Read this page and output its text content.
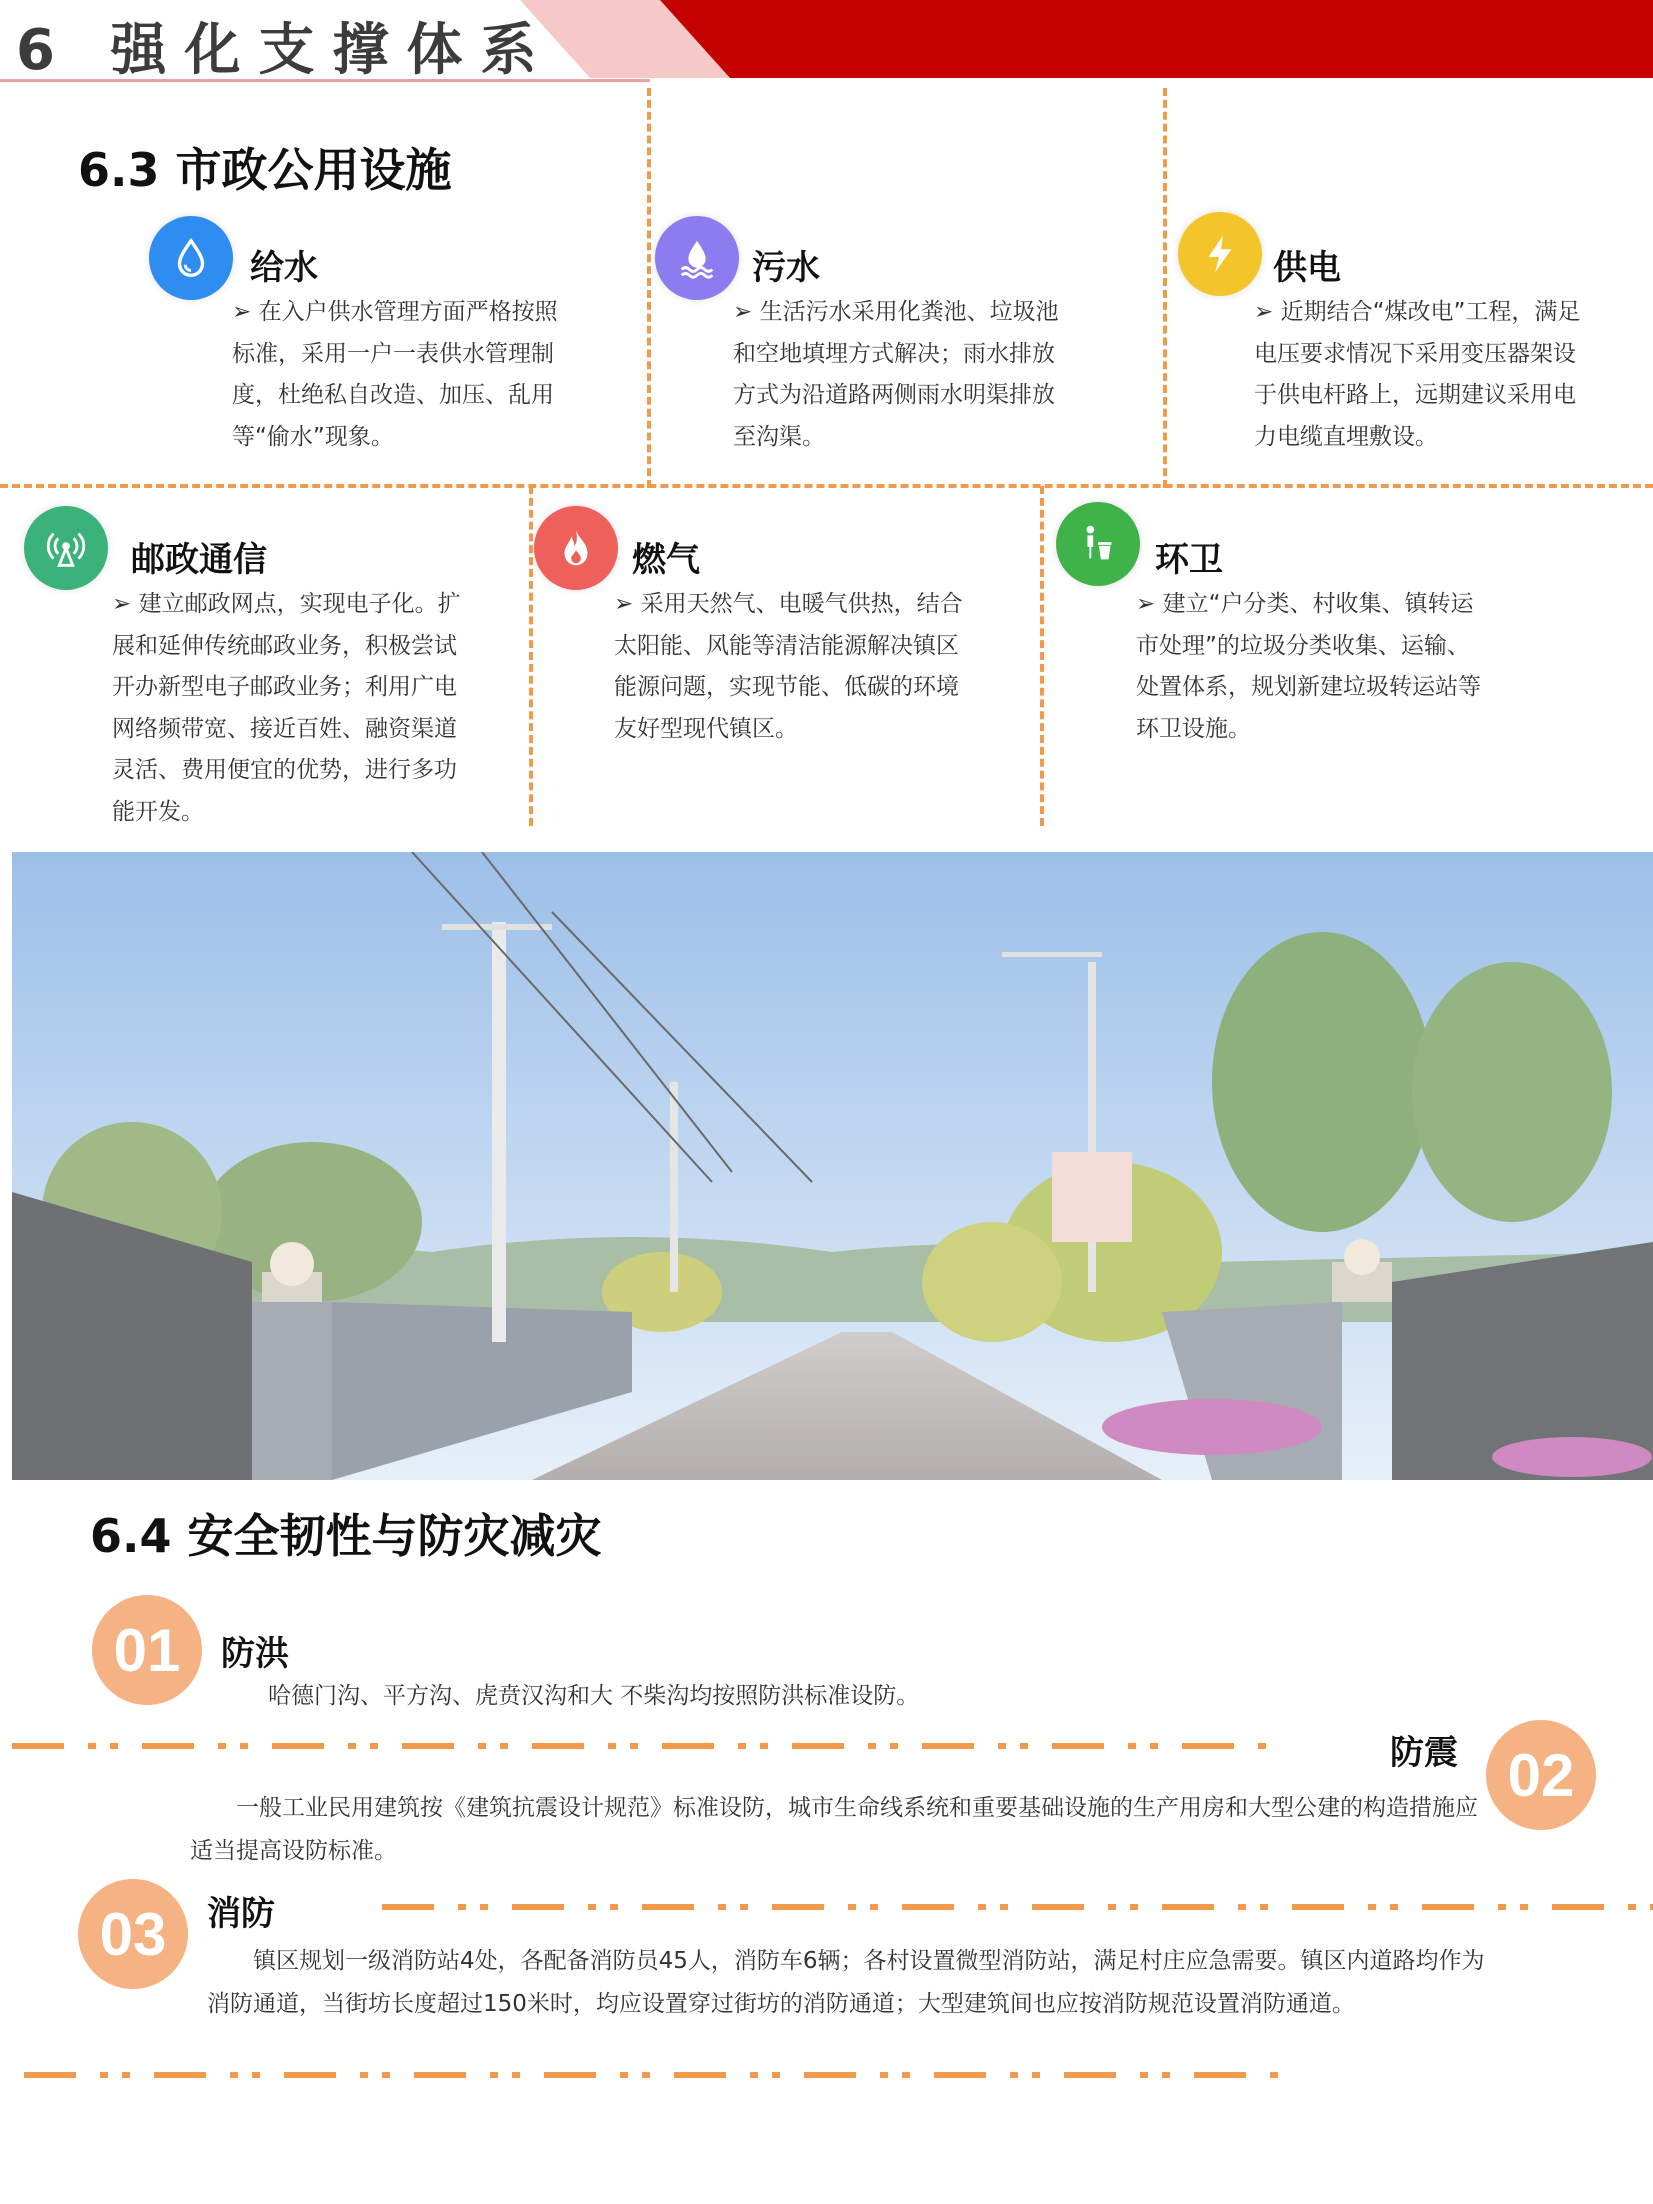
6 强化支撑体系
6.3 市政公用设施
给水
➢ 在入户供水管理方面严格按照标准，采用一户一表供水管理制度，杜绝私自改造、加压、乱用等“偷水”现象。
污水
➢ 生活污水采用化粪池、垃圾池和空地填埋方式解决；雨水排放方式为沿道路两侧雨水明渠排放至沟渠。
供电
➢ 近期结合“煤改电”工程，满足电压要求情况下采用变压器架设于供电杆路上，远期建议采用电力电缆直埋敷设。
邮政通信
➢ 建立邮政网点，实现电子化。扩展和延伸传统邮政业务，积极尝试开办新型电子邮政业务；利用广电网络频带宽、接近百姓、融资渠道灵活、费用便宜的优势，进行多功能开发。
燃气
➢ 采用天然气、电暖气供热，结合太阳能、风能等清洁能源解决镇区能源问题，实现节能、低碳的环境友好型现代镇区。
环卫
➢ 建立“户分类、村收集、镇转运市处理”的垃圾分类收集、运输、处置体系，规划新建垃圾转运站等环卫设施。
6.4 安全韧性与防灾减灾
01	防洪
哈德门沟、平方沟、虎贲汉沟和大 不柴沟均按照防洪标准设防。
防震 02
一般工业民用建筑按《建筑抗震设计规范》标准设防，城市生命线系统和重要基础设施的生产用房和大型公建的构造措施应适当提高设防标准。
03	消防
镇区规划一级消防站4处，各配备消防员45人，消防车6辆；各村设置微型消防站，满足村庄应急需要。镇区内道路均作为消防通道，当街坊长度超过150米时，均应设置穿过街坊的消防通道；大型建筑间也应按消防规范设置消防通道。
